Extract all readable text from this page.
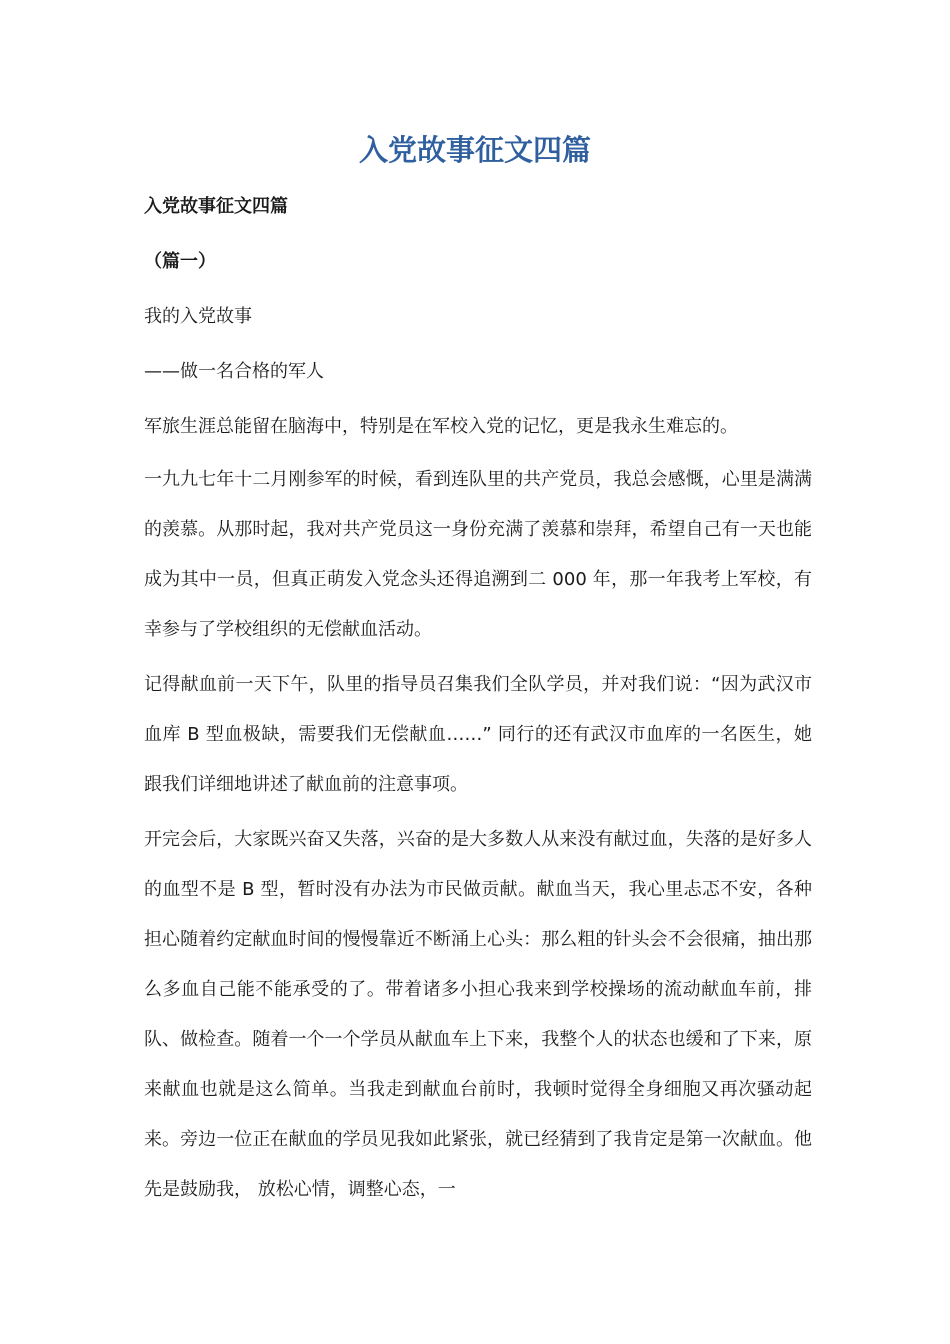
入党故事征文四篇

入党故事征文四篇

（篇一）

我的入党故事

——做一名合格的军人

军旅生涯总能留在脑海中，特别是在军校入党的记忆，更是我永生难忘的。

一九九七年十二月刚参军的时候，看到连队里的共产党员，我总会感慨，心里是满满的羡慕。从那时起，我对共产党员这一身份充满了羡慕和崇拜，希望自己有一天也能成为其中一员，但真正萌发入党念头还得追溯到二 000 年，那一年我考上军校，有幸参与了学校组织的无偿献血活动。

记得献血前一天下午，队里的指导员召集我们全队学员，并对我们说：“因为武汉市血库 B 型血极缺，需要我们无偿献血……” 同行的还有武汉市血库的一名医生，她跟我们详细地讲述了献血前的注意事项。

开完会后，大家既兴奋又失落，兴奋的是大多数人从来没有献过血，失落的是好多人的血型不是 B 型，暂时没有办法为市民做贡献。献血当天，我心里忐忑不安，各种担心随着约定献血时间的慢慢靠近不断涌上心头：那么粗的针头会不会很痛，抽出那么多血自己能不能承受的了。带着诸多小担心我来到学校操场的流动献血车前，排队、做检查。随着一个一个学员从献血车上下来，我整个人的状态也缓和了下来，原来献血也就是这么简单。当我走到献血台前时，我顿时觉得全身细胞又再次骚动起来。旁边一位正在献血的学员见我如此紧张，就已经猜到了我肯定是第一次献血。他先是鼓励我， 放松心情，调整心态，一
